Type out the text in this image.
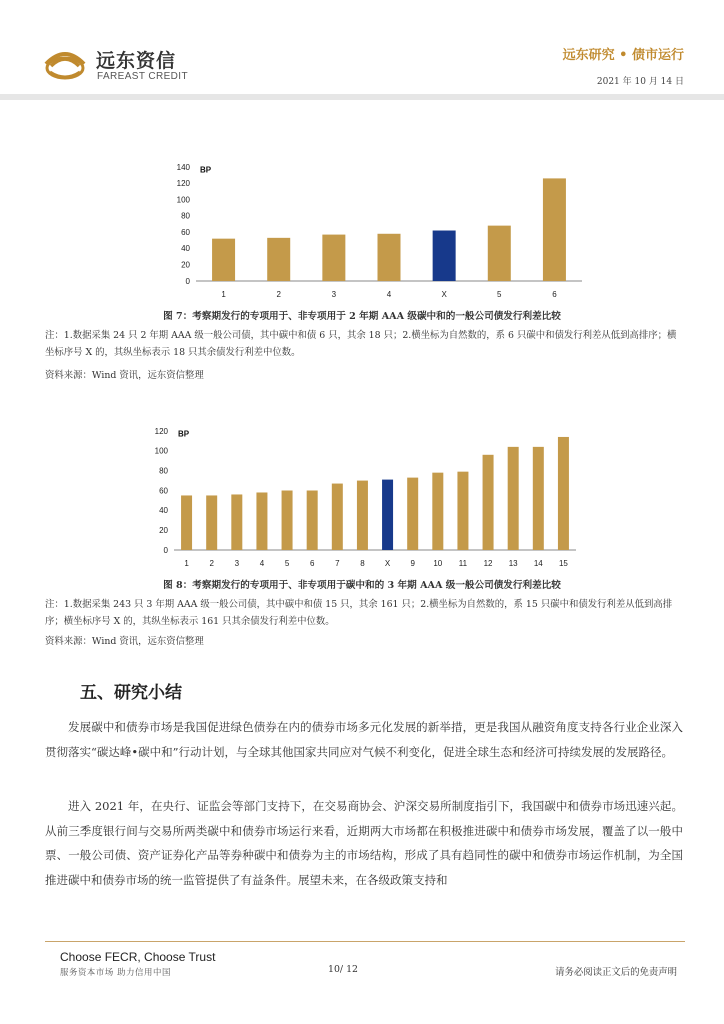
远东资信
FAREAST CREDIT
远东研究 • 债市运行
2021 年 10 月 14 日
0
20
40
60
80
100
120
140 BP
1	2	3	4	X	5	6
图 7：考察期发行的专项用于、非专项用于 2 年期 AAA 级碳中和的一般公司债发行利差比较
注：1.数据采集 24 只 2 年期 AAA 级一般公司债，其中碳中和债 6 只，其余 18 只；2.横坐标为自然数的，系 6 只碳中和债发行利差从低到高排序；横坐标序号 X 的，其纵坐标表示 18 只其余债发行利差中位数。
资料来源：Wind 资讯，远东资信整理
0
20
40
60
80
100
120 BP
1	2	3	4	5	6	7	8	X	9 10 11 12 13 14 15
图 8：考察期发行的专项用于、非专项用于碳中和的 3 年期 AAA 级一般公司债发行利差比较
注：1.数据采集 243 只 3 年期 AAA 级一般公司债，其中碳中和债 15 只，其余 161 只；2.横坐标为自然数的，系 15 只碳中和债发行利差从低到高排序；横坐标序号 X 的，其纵坐标表示 161 只其余债发行利差中位数。
资料来源：Wind 资讯，远东资信整理
五、研究小结

发展碳中和债券市场是我国促进绿色债券在内的债券市场多元化发展的新举措，更是我国从融资角度支持各行业企业深入贯彻落实“碳达峰•碳中和”行动计划，与全球其他国家共同应对气候不利变化，促进全球生态和经济可持续发展的发展路径。

进入 2021 年，在央行、证监会等部门支持下，在交易商协会、沪深交易所制度指引下，我国碳中和债券市场迅速兴起。从前三季度银行间与交易所两类碳中和债券市场运行来看，近期两大市场都在积极推进碳中和债券市场发展，覆盖了以一般中票、一般公司债、资产证券化产品等券种碳中和债券为主的市场结构，形成了具有趋同性的碳中和债券市场运作机制，为全国推进碳中和债券市场的统一监管提供了有益条件。展望未来，在各级政策支持和

Choose FECR, Choose Trust
服务资本市场 助力信用中国	10/ 12	请务必阅读正文后的免责声明
